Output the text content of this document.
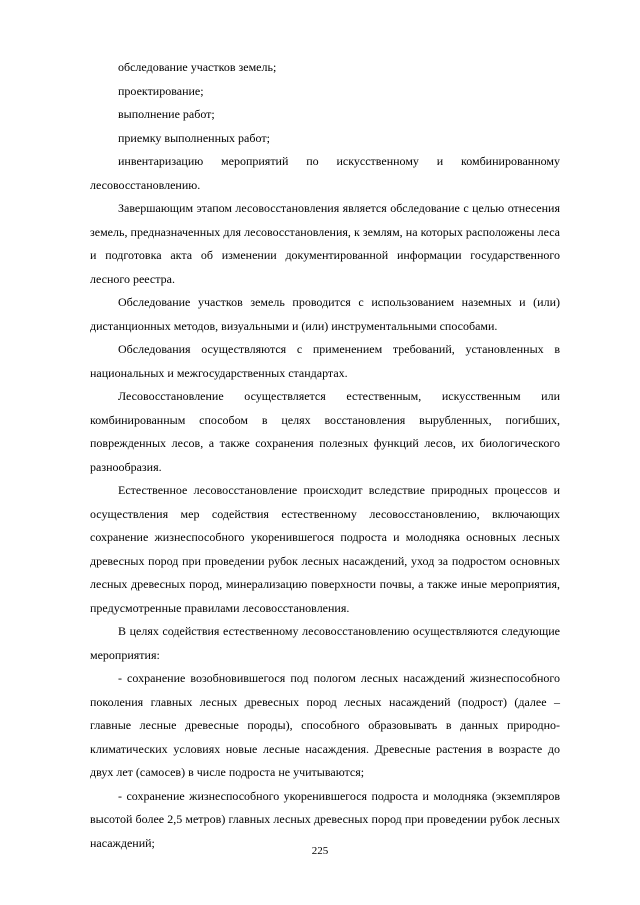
обследование участков земель;

проектирование;

выполнение работ;

приемку выполненных работ;

инвентаризацию мероприятий по искусственному и комбинированному лесовосстановлению.

Завершающим этапом лесовосстановления является обследование с целью отнесения земель, предназначенных для лесовосстановления, к землям, на которых расположены леса и подготовка акта об изменении документированной информации государственного лесного реестра.

Обследование участков земель проводится с использованием наземных и (или) дистанционных методов, визуальными и (или) инструментальными способами.

Обследования осуществляются с применением требований, установленных в национальных и межгосударственных стандартах.

Лесовосстановление осуществляется естественным, искусственным или комбинированным способом в целях восстановления вырубленных, погибших, поврежденных лесов, а также сохранения полезных функций лесов, их биологического разнообразия.

Естественное лесовосстановление происходит вследствие природных процессов и осуществления мер содействия естественному лесовосстановлению, включающих сохранение жизнеспособного укоренившегося подроста и молодняка основных лесных древесных пород при проведении рубок лесных насаждений, уход за подростом основных лесных древесных пород, минерализацию поверхности почвы, а также иные мероприятия, предусмотренные правилами лесовосстановления.

В целях содействия естественному лесовосстановлению осуществляются следующие мероприятия:

- сохранение возобновившегося под пологом лесных насаждений жизнеспособного поколения главных лесных древесных пород лесных насаждений (подрост) (далее – главные лесные древесные породы), способного образовывать в данных природно-климатических условиях новые лесные насаждения. Древесные растения в возрасте до двух лет (самосев) в числе подроста не учитываются;

- сохранение жизнеспособного укоренившегося подроста и молодняка (экземпляров высотой более 2,5 метров) главных лесных древесных пород при проведении рубок лесных насаждений;

225
